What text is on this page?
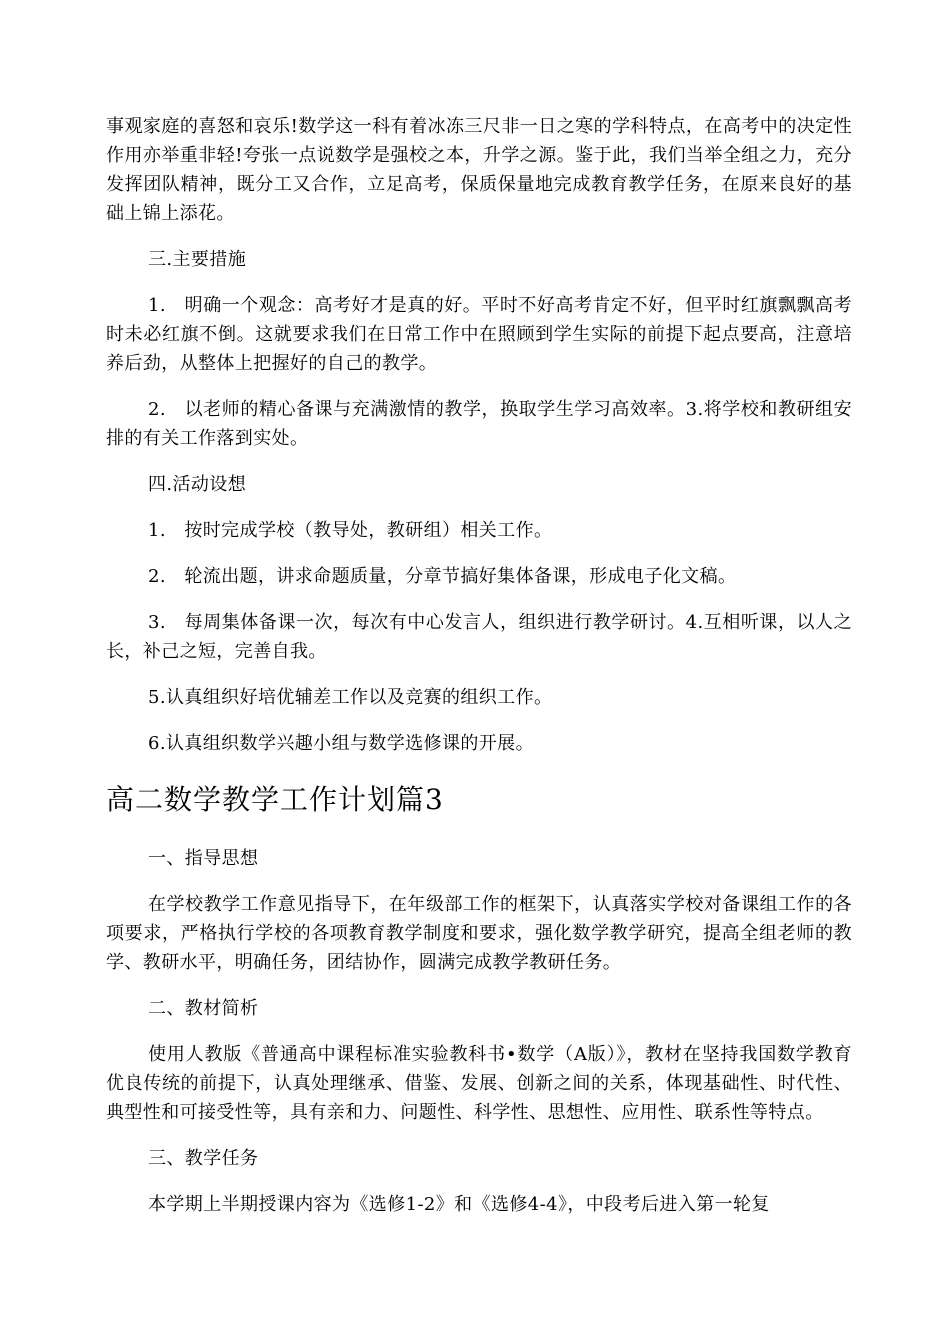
事观家庭的喜怒和哀乐!数学这一科有着冰冻三尺非一日之寒的学科特点，在高考中的决定性作用亦举重非轻!夸张一点说数学是强校之本，升学之源。鉴于此，我们当举全组之力，充分发挥团队精神，既分工又合作，立足高考，保质保量地完成教育教学任务，在原来良好的基础上锦上添花。

三.主要措施

1.　明确一个观念：高考好才是真的好。平时不好高考肯定不好，但平时红旗飘飘高考时未必红旗不倒。这就要求我们在日常工作中在照顾到学生实际的前提下起点要高，注意培养后劲，从整体上把握好的自己的教学。

2.　以老师的精心备课与充满激情的教学，换取学生学习高效率。3.将学校和教研组安排的有关工作落到实处。

四.活动设想

1.　按时完成学校（教导处，教研组）相关工作。

2.　轮流出题，讲求命题质量，分章节搞好集体备课，形成电子化文稿。

3.　每周集体备课一次，每次有中心发言人，组织进行教学研讨。4.互相听课，以人之长，补己之短，完善自我。

5.认真组织好培优辅差工作以及竞赛的组织工作。

6.认真组织数学兴趣小组与数学选修课的开展。

高二数学教学工作计划篇3

一、指导思想

在学校教学工作意见指导下，在年级部工作的框架下，认真落实学校对备课组工作的各项要求，严格执行学校的各项教育教学制度和要求，强化数学教学研究，提高全组老师的教学、教研水平，明确任务，团结协作，圆满完成教学教研任务。

二、教材简析

使用人教版《普通高中课程标准实验教科书•数学（A版）》，教材在坚持我国数学教育优良传统的前提下，认真处理继承、借鉴、发展、创新之间的关系，体现基础性、时代性、典型性和可接受性等，具有亲和力、问题性、科学性、思想性、应用性、联系性等特点。

三、教学任务

本学期上半期授课内容为《选修1-2》和《选修4-4》，中段考后进入第一轮复
